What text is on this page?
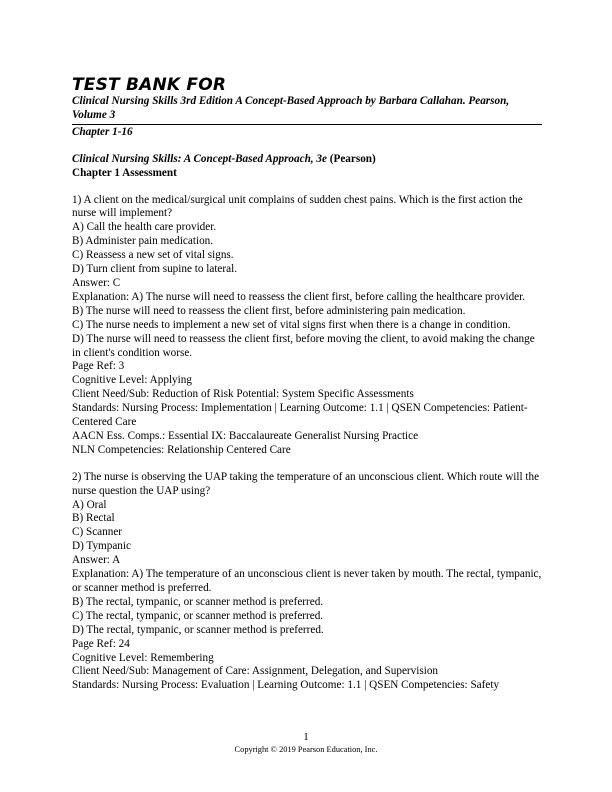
TEST BANK FOR

Clinical Nursing Skills 3rd Edition A Concept-Based Approach by Barbara Callahan. Pearson, Volume 3

Chapter 1-16

Clinical Nursing Skills: A Concept-Based Approach, 3e (Pearson)

Chapter 1 Assessment

1) A client on the medical/surgical unit complains of sudden chest pains. Which is the first action the nurse will implement?

A) Call the health care provider.

B) Administer pain medication.

C) Reassess a new set of vital signs.

D) Turn client from supine to lateral.

Answer: C

Explanation: A) The nurse will need to reassess the client first, before calling the healthcare provider.

B) The nurse will need to reassess the client first, before administering pain medication.

C) The nurse needs to implement a new set of vital signs first when there is a change in condition.

D) The nurse will need to reassess the client first, before moving the client, to avoid making the change in client's condition worse.

Page Ref: 3

Cognitive Level: Applying

Client Need/Sub: Reduction of Risk Potential: System Specific Assessments

Standards: Nursing Process: Implementation | Learning Outcome: 1.1 | QSEN Competencies: Patient-Centered Care

AACN Ess. Comps.: Essential IX: Baccalaureate Generalist Nursing Practice

NLN Competencies: Relationship Centered Care

2) The nurse is observing the UAP taking the temperature of an unconscious client. Which route will the nurse question the UAP using?

A) Oral

B) Rectal

C) Scanner

D) Tympanic

Answer: A

Explanation: A) The temperature of an unconscious client is never taken by mouth. The rectal, tympanic, or scanner method is preferred.

B) The rectal, tympanic, or scanner method is preferred.

C) The rectal, tympanic, or scanner method is preferred.

D) The rectal, tympanic, or scanner method is preferred.

Page Ref: 24

Cognitive Level: Remembering

Client Need/Sub: Management of Care: Assignment, Delegation, and Supervision

Standards: Nursing Process: Evaluation | Learning Outcome: 1.1 | QSEN Competencies: Safety

1
Copyright © 2019 Pearson Education, Inc.
